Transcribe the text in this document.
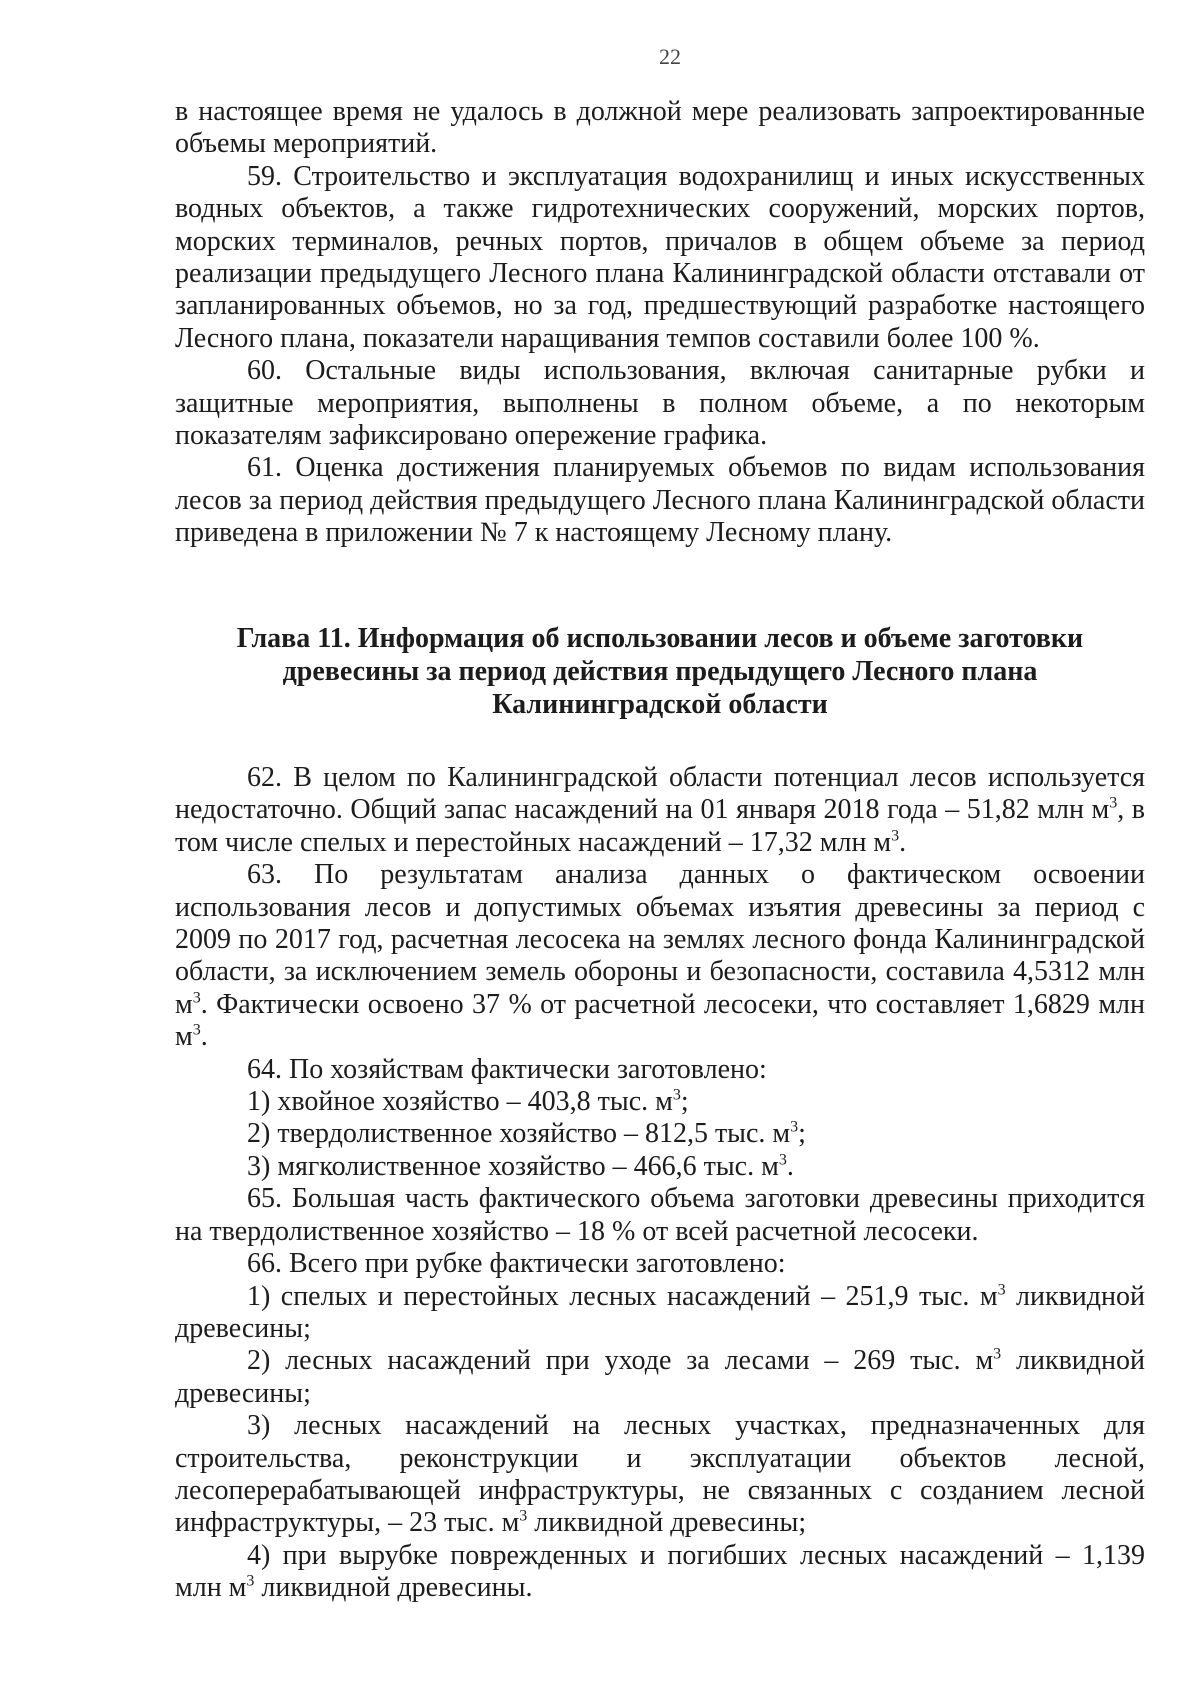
22

в настоящее время не удалось в должной мере реализовать запроектированные объемы мероприятий.

59. Строительство и эксплуатация водохранилищ и иных искусственных водных объектов, а также гидротехнических сооружений, морских портов, морских терминалов, речных портов, причалов в общем объеме за период реализации предыдущего Лесного плана Калининградской области отставали от запланированных объемов, но за год, предшествующий разработке настоящего Лесного плана, показатели наращивания темпов составили более 100 %.

60. Остальные виды использования, включая санитарные рубки и защитные мероприятия, выполнены в полном объеме, а по некоторым показателям зафиксировано опережение графика.

61. Оценка достижения планируемых объемов по видам использования лесов за период действия предыдущего Лесного плана Калининградской области приведена в приложении № 7 к настоящему Лесному плану.

Глава 11. Информация об использовании лесов и объеме заготовки
древесины за период действия предыдущего Лесного плана
Калининградской области

62. В целом по Калининградской области потенциал лесов используется недостаточно. Общий запас насаждений на 01 января 2018 года – 51,82 млн $м^3$, в том числе спелых и перестойных насаждений – 17,32 млн $м^3$.

63. По результатам анализа данных о фактическом освоении использования лесов и допустимых объемах изъятия древесины за период с 2009 по 2017 год, расчетная лесосека на землях лесного фонда Калининградской области, за исключением земель обороны и безопасности, составила 4,5312 млн $м^3$. Фактически освоено 37 % от расчетной лесосеки, что составляет 1,6829 млн $м^3$.

64. По хозяйствам фактически заготовлено:

1) хвойное хозяйство – 403,8 тыс. $м^3$;

2) твердолиственное хозяйство – 812,5 тыс. $м^3$;

3) мягколиственное хозяйство – 466,6 тыс. $м^3$.

65. Большая часть фактического объема заготовки древесины приходится на твердолиственное хозяйство – 18 % от всей расчетной лесосеки.

66. Всего при рубке фактически заготовлено:

1) спелых и перестойных лесных насаждений – 251,9 тыс. $м^3$ ликвидной древесины;

2) лесных насаждений при уходе за лесами – 269 тыс. $м^3$ ликвидной древесины;

3) лесных насаждений на лесных участках, предназначенных для строительства, реконструкции и эксплуатации объектов лесной, лесоперерабатывающей инфраструктуры, не связанных с созданием лесной инфраструктуры, – 23 тыс. $м^3$ ликвидной древесины;

4) при вырубке поврежденных и погибших лесных насаждений – 1,139 млн $м^3$ ликвидной древесины.
